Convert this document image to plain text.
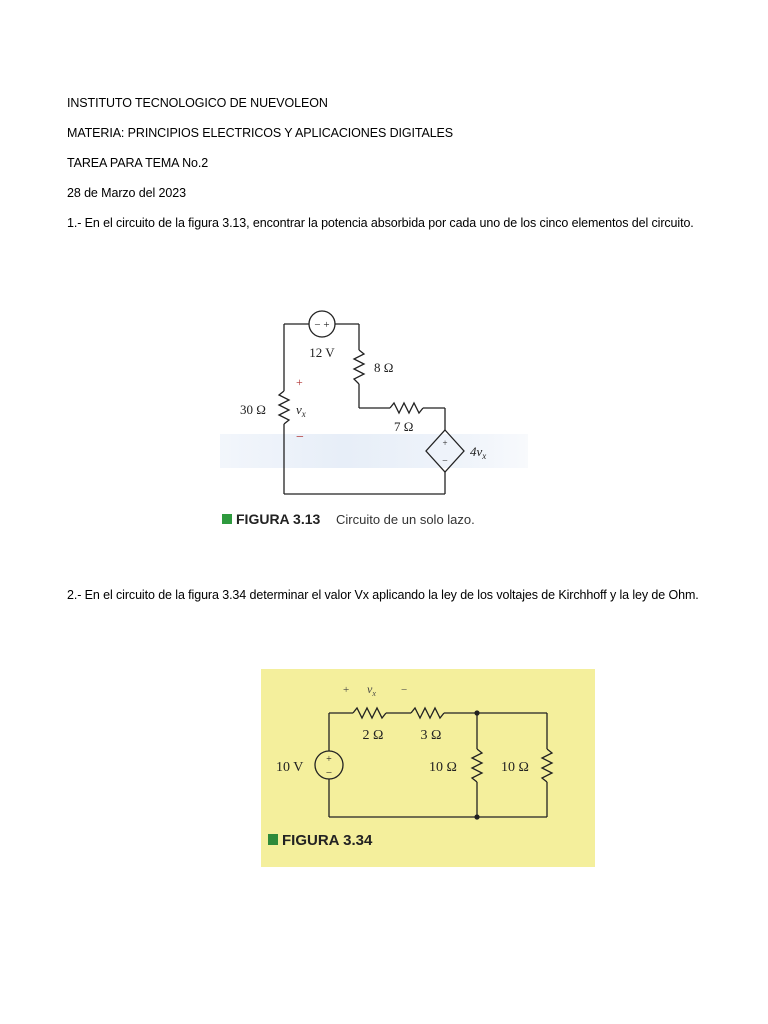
INSTITUTO TECNOLOGICO DE NUEVOLEON
MATERIA: PRINCIPIOS ELECTRICOS Y APLICACIONES DIGITALES
TAREA PARA TEMA No.2
28 de Marzo del 2023
1.- En el circuito de la figura 3.13, encontrar la potencia absorbida por cada uno de los cinco elementos del circuito.
− +
12 V
8 Ω
7 Ω
30 Ω
+
−
$v_x$
+
−
$4v_x$
FIGURA 3.13 Circuito de un solo lazo.
2.- En el circuito de la figura 3.34 determinar el valor Vx aplicando la ley de los voltajes de Kirchhoff y la ley de Ohm.
+
−
+ $v_x$ −
2 Ω	3 Ω
10 V	10 Ω	10 Ω
FIGURA 3.34
